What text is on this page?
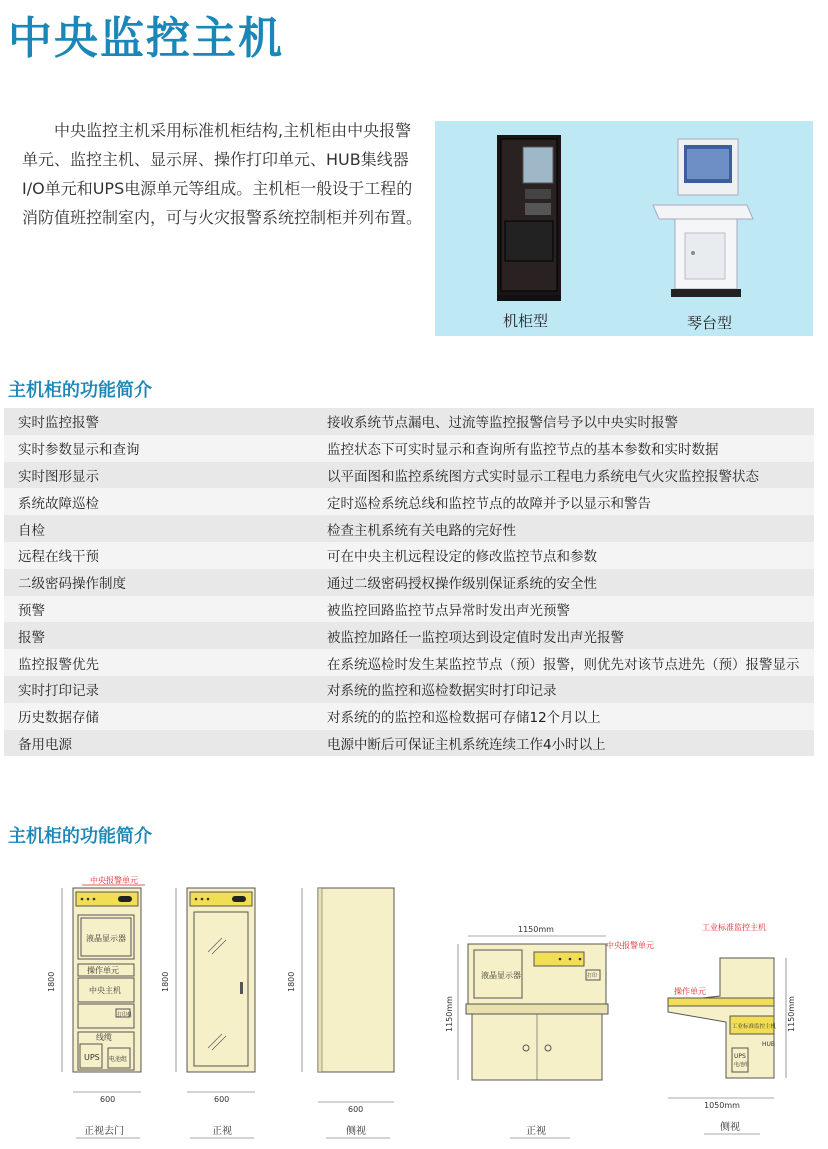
中央监控主机
中央监控主机采用标准机柜结构,主机柜由中央报警单元、监控主机、显示屏、操作打印单元、HUB集线器I/O单元和UPS电源单元等组成。主机柜一般设于工程的消防值班控制室内，可与火灾报警系统控制柜并列布置。
机柜型	琴台型
主机柜的功能简介
实时监控报警	接收系统节点漏电、过流等监控报警信号予以中央实时报警
实时参数显示和查询	监控状态下可实时显示和查询所有监控节点的基本参数和实时数据
实时图形显示	以平面图和监控系统图方式实时显示工程电力系统电气火灾监控报警状态
系统故障巡检	定时巡检系统总线和监控节点的故障并予以显示和警告
自检	检查主机系统有关电路的完好性
远程在线干预	可在中央主机远程设定的修改监控节点和参数
二级密码操作制度	通过二级密码授权操作级别保证系统的安全性
预警	被监控回路监控节点异常时发出声光预警
报警	被监控加路任一监控项达到设定值时发出声光报警
监控报警优先	在系统巡检时发生某监控节点（预）报警，则优先对该节点进先（预）报警显示
实时打印记录	对系统的监控和巡检数据实时打印记录
历史数据存储	对系统的的监控和巡检数据可存储12个月以上
备用电源	电源中断后可保证主机系统连续工作4小时以上
主机柜的功能简介
中央报警单元
液晶显示器
操作单元
中央主机
打印机
线缆
UPS 电池组
1800
600
正视去门
1800
600
正视
1800
600
侧视
1150mm
液晶显示器	打印
中央报警单元
1150mm
正视
工业标准监控主机
工业标准监控主机
HUB
UPS
电池组
操作单元
1150mm
1050mm
侧视
